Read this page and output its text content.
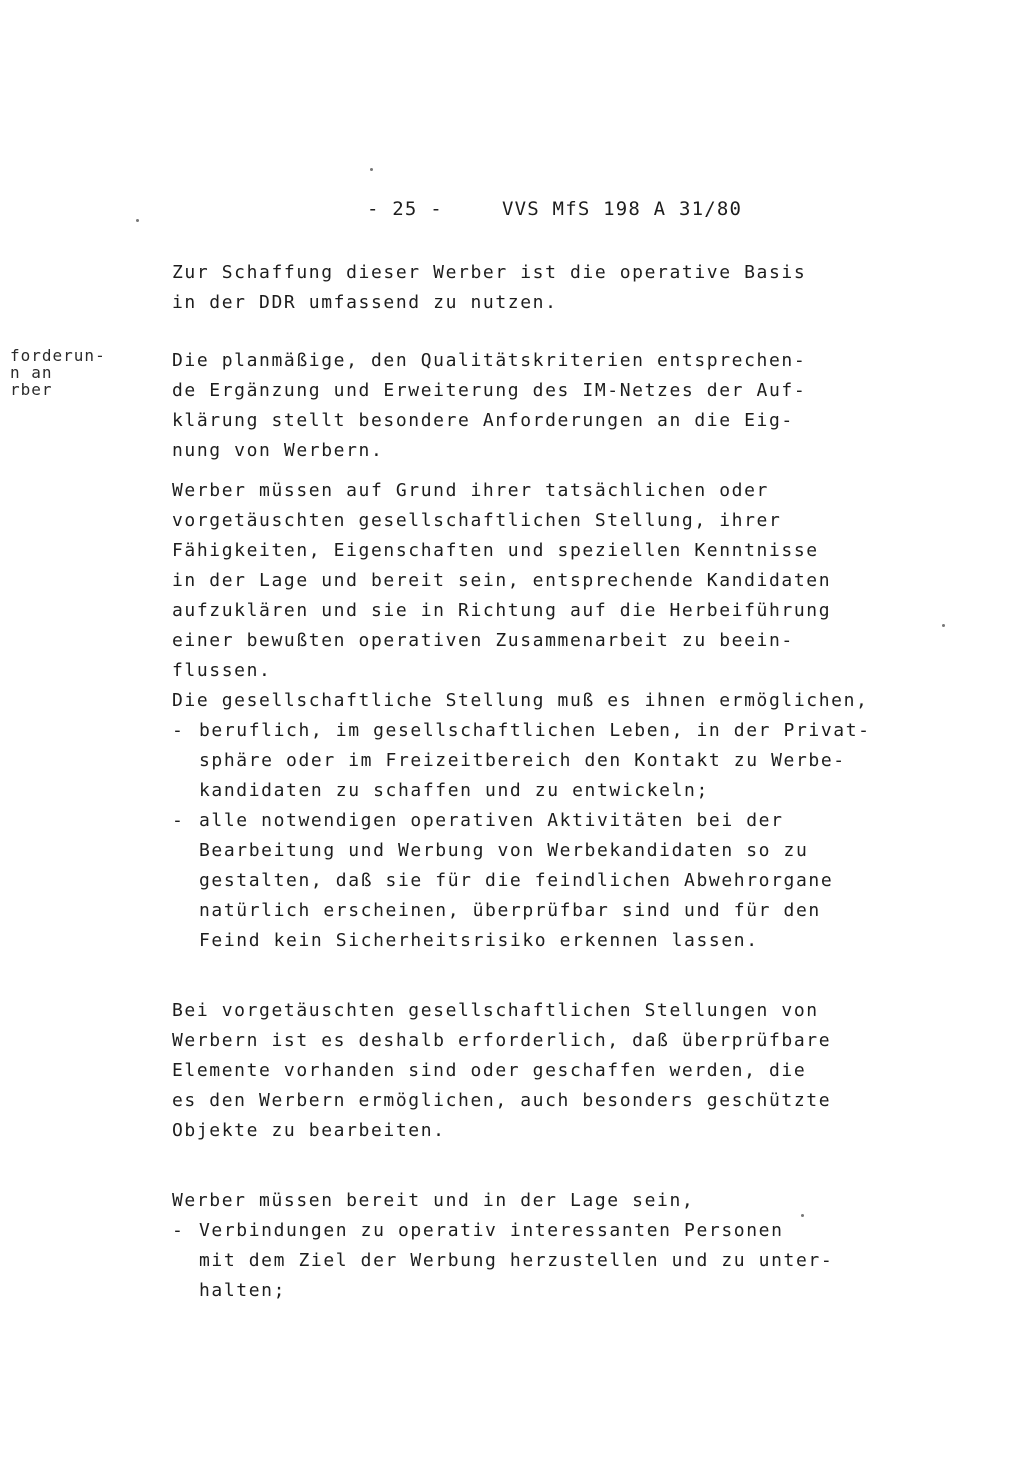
- 25 -	VVS MfS 198 A 31/80
forderun-
n an
rber
Zur Schaffung dieser Werber ist die operative Basis
in der DDR umfassend zu nutzen.
Die planmäßige, den Qualitätskriterien entsprechen-
de Ergänzung und Erweiterung des IM-Netzes der Auf-
klärung stellt besondere Anforderungen an die Eig-
nung von Werbern.
Werber müssen auf Grund ihrer tatsächlichen oder
vorgetäuschten gesellschaftlichen Stellung, ihrer
Fähigkeiten, Eigenschaften und speziellen Kenntnisse
in der Lage und bereit sein, entsprechende Kandidaten
aufzuklären und sie in Richtung auf die Herbeiführung
einer bewußten operativen Zusammenarbeit zu beein-
flussen.
Die gesellschaftliche Stellung muß es ihnen ermöglichen,
- beruflich, im gesellschaftlichen Leben, in der Privat-
sphäre oder im Freizeitbereich den Kontakt zu Werbe-
kandidaten zu schaffen und zu entwickeln;
- alle notwendigen operativen Aktivitäten bei der
Bearbeitung und Werbung von Werbekandidaten so zu
gestalten, daß sie für die feindlichen Abwehrorgane
natürlich erscheinen, überprüfbar sind und für den
Feind kein Sicherheitsrisiko erkennen lassen.
Bei vorgetäuschten gesellschaftlichen Stellungen von
Werbern ist es deshalb erforderlich, daß überprüfbare
Elemente vorhanden sind oder geschaffen werden, die
es den Werbern ermöglichen, auch besonders geschützte
Objekte zu bearbeiten.
Werber müssen bereit und in der Lage sein,
- Verbindungen zu operativ interessanten Personen
mit dem Ziel der Werbung herzustellen und zu unter-
halten;
